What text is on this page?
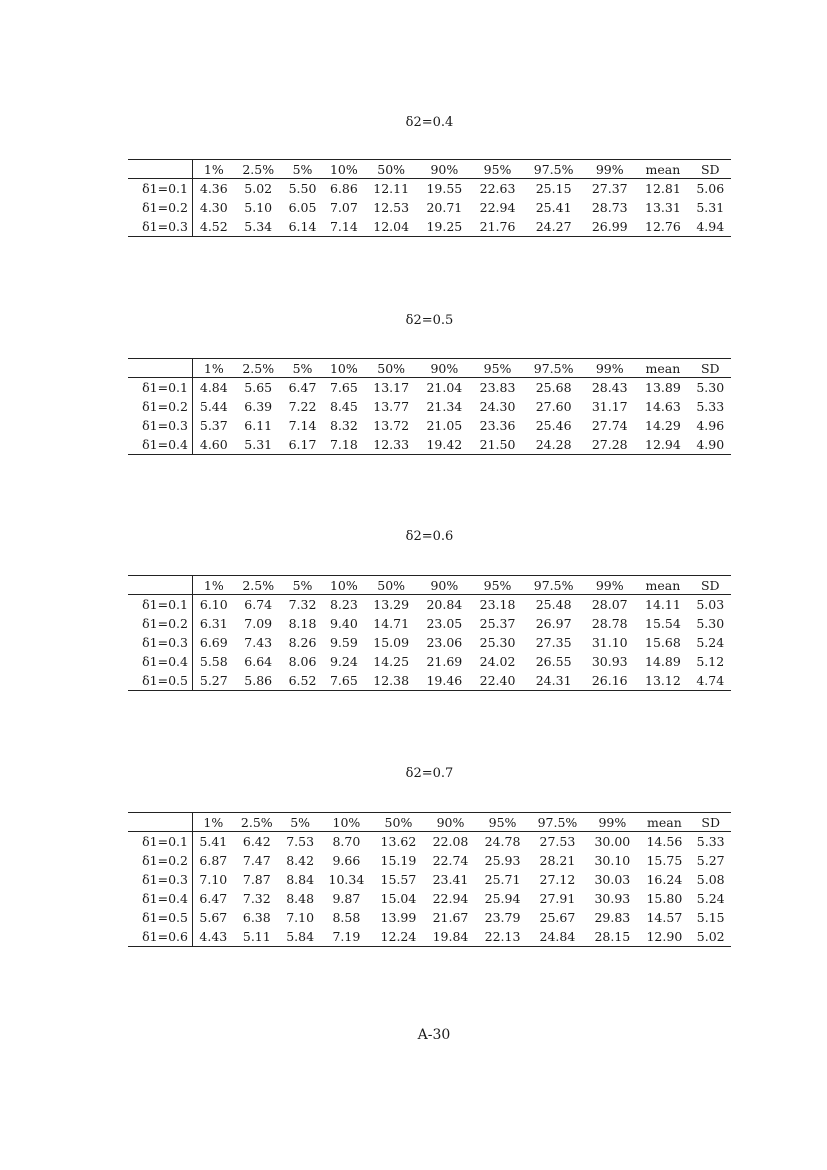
δ2=0.4
	1%	2.5%	5%	10%	50%	90%	95%	97.5%	99%	mean	SD
δ1=0.1	4.36	5.02	5.50	6.86	12.11	19.55	22.63	25.15	27.37	12.81	5.06
δ1=0.2	4.30	5.10	6.05	7.07	12.53	20.71	22.94	25.41	28.73	13.31	5.31
δ1=0.3	4.52	5.34	6.14	7.14	12.04	19.25	21.76	24.27	26.99	12.76	4.94
δ2=0.5
	1%	2.5%	5%	10%	50%	90%	95%	97.5%	99%	mean	SD
δ1=0.1	4.84	5.65	6.47	7.65	13.17	21.04	23.83	25.68	28.43	13.89	5.30
δ1=0.2	5.44	6.39	7.22	8.45	13.77	21.34	24.30	27.60	31.17	14.63	5.33
δ1=0.3	5.37	6.11	7.14	8.32	13.72	21.05	23.36	25.46	27.74	14.29	4.96
δ1=0.4	4.60	5.31	6.17	7.18	12.33	19.42	21.50	24.28	27.28	12.94	4.90
δ2=0.6
	1%	2.5%	5%	10%	50%	90%	95%	97.5%	99%	mean	SD
δ1=0.1	6.10	6.74	7.32	8.23	13.29	20.84	23.18	25.48	28.07	14.11	5.03
δ1=0.2	6.31	7.09	8.18	9.40	14.71	23.05	25.37	26.97	28.78	15.54	5.30
δ1=0.3	6.69	7.43	8.26	9.59	15.09	23.06	25.30	27.35	31.10	15.68	5.24
δ1=0.4	5.58	6.64	8.06	9.24	14.25	21.69	24.02	26.55	30.93	14.89	5.12
δ1=0.5	5.27	5.86	6.52	7.65	12.38	19.46	22.40	24.31	26.16	13.12	4.74
δ2=0.7
	1%	2.5%	5%	10%	50%	90%	95%	97.5%	99%	mean	SD
δ1=0.1	5.41	6.42	7.53	8.70	13.62	22.08	24.78	27.53	30.00	14.56	5.33
δ1=0.2	6.87	7.47	8.42	9.66	15.19	22.74	25.93	28.21	30.10	15.75	5.27
δ1=0.3	7.10	7.87	8.84	10.34	15.57	23.41	25.71	27.12	30.03	16.24	5.08
δ1=0.4	6.47	7.32	8.48	9.87	15.04	22.94	25.94	27.91	30.93	15.80	5.24
δ1=0.5	5.67	6.38	7.10	8.58	13.99	21.67	23.79	25.67	29.83	14.57	5.15
δ1=0.6	4.43	5.11	5.84	7.19	12.24	19.84	22.13	24.84	28.15	12.90	5.02
A-30
